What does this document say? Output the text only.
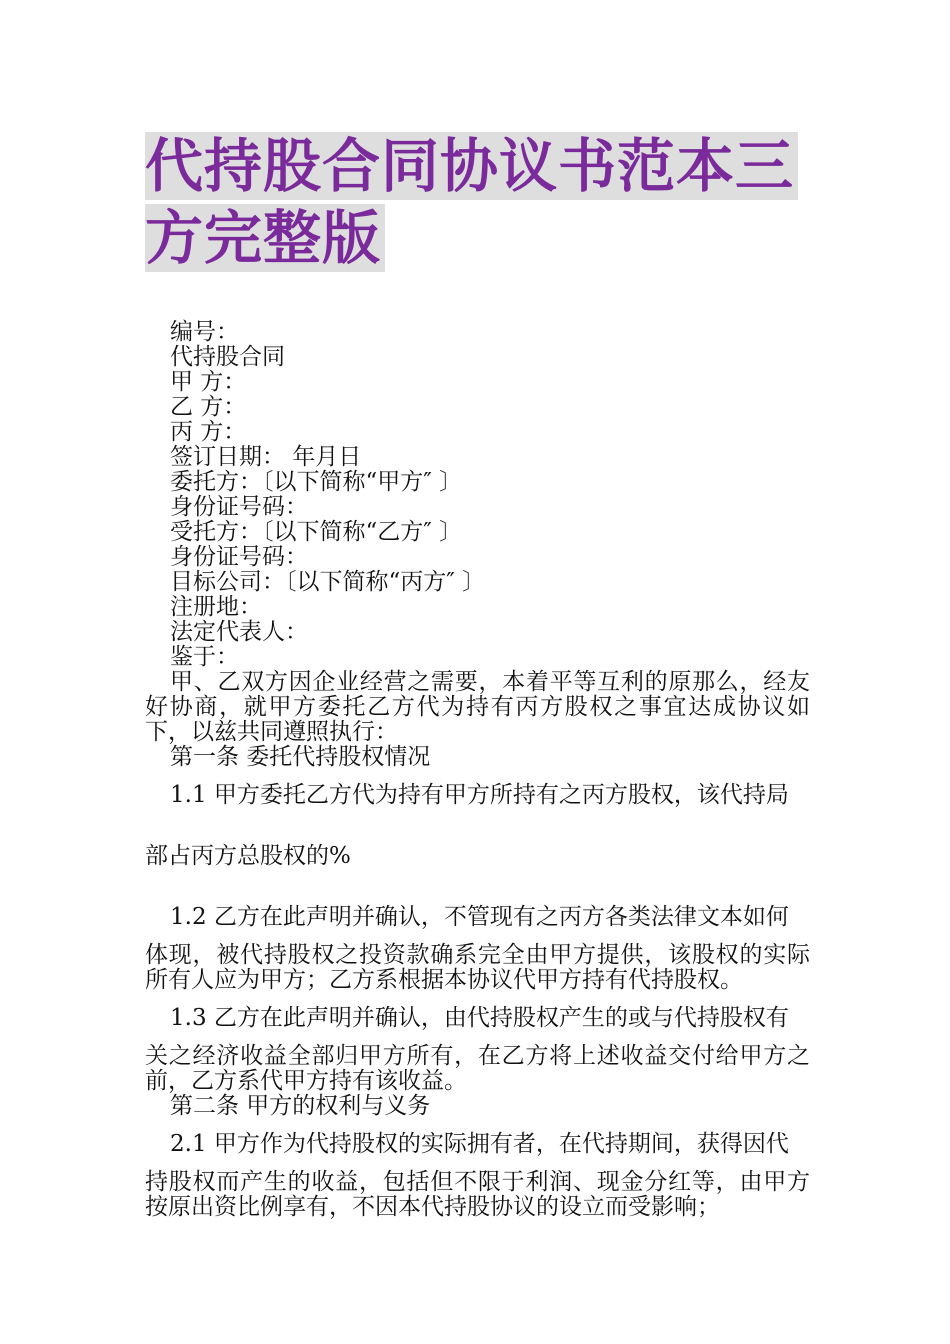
代持股合同协议书范本三
方完整版
编号：
代持股合同
甲 方：
乙 方：
丙 方：
签订日期： 年月日
委托方：〔以下简称“甲方″ 〕
身份证号码：
受托方：〔以下简称“乙方″ 〕
身份证号码：
目标公司：〔以下简称“丙方″ 〕
注册地：
法定代表人：
鉴于：
甲、乙双方因企业经营之需要，本着平等互利的原那么，经友好协商，就甲方委托乙方代为持有丙方股权之事宜达成协议如下，以兹共同遵照执行：
第一条 委托代持股权情况
1.1 甲方委托乙方代为持有甲方所持有之丙方股权，该代持局
部占丙方总股权的%
1.2 乙方在此声明并确认，不管现有之丙方各类法律文本如何
体现，被代持股权之投资款确系完全由甲方提供，该股权的实际所有人应为甲方；乙方系根据本协议代甲方持有代持股权。
1.3 乙方在此声明并确认，由代持股权产生的或与代持股权有
关之经济收益全部归甲方所有，在乙方将上述收益交付给甲方之前，乙方系代甲方持有该收益。
第二条 甲方的权利与义务
2.1 甲方作为代持股权的实际拥有者，在代持期间，获得因代
持股权而产生的收益，包括但不限于利润、现金分红等，由甲方按原出资比例享有，不因本代持股协议的设立而受影响；
